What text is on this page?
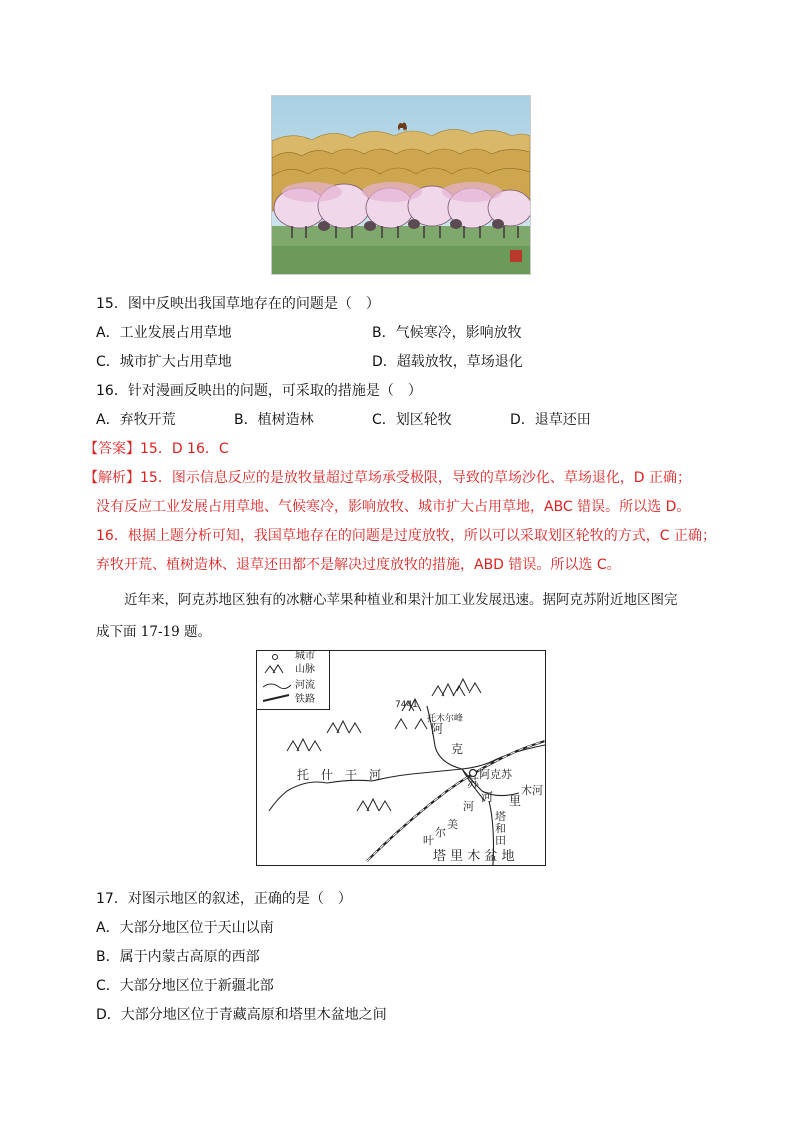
15．图中反映出我国草地存在的问题是（　）
A．工业发展占用草地	B．气候寒冷，影响放牧
C．城市扩大占用草地	D．超载放牧，草场退化
16．针对漫画反映出的问题，可采取的措施是（　）
A．弃牧开荒	B．植树造林	C．划区轮牧	D．退草还田
【答案】15．D 16．C
【解析】15．图示信息反应的是放牧量超过草场承受极限，导致的草场沙化、草场退化，D 正确；
没有反应工业发展占用草地、气候寒冷，影响放牧、城市扩大占用草地，ABC 错误。所以选 D。
16．根据上题分析可知，我国草地存在的问题是过度放牧，所以可以采取划区轮牧的方式，C 正确；
弃牧开荒、植树造林、退草还田都不是解决过度放牧的措施，ABD 错误。所以选 C。
近年来，阿克苏地区独有的冰糖心苹果种植业和果汁加工业发展迅速。据阿克苏附近地区图完
成下面 17-19 题。
城市
山脉
河流
铁路	7441
托木尔峰
阿
克
苏
河
阿克苏
托 什 干 河
河
美
尔
叶
塔
和
田
里
木河
塔 里 木 盆 地
17．对图示地区的叙述，正确的是（　）
A．大部分地区位于天山以南
B．属于内蒙古高原的西部
C．大部分地区位于新疆北部
D．大部分地区位于青藏高原和塔里木盆地之间
